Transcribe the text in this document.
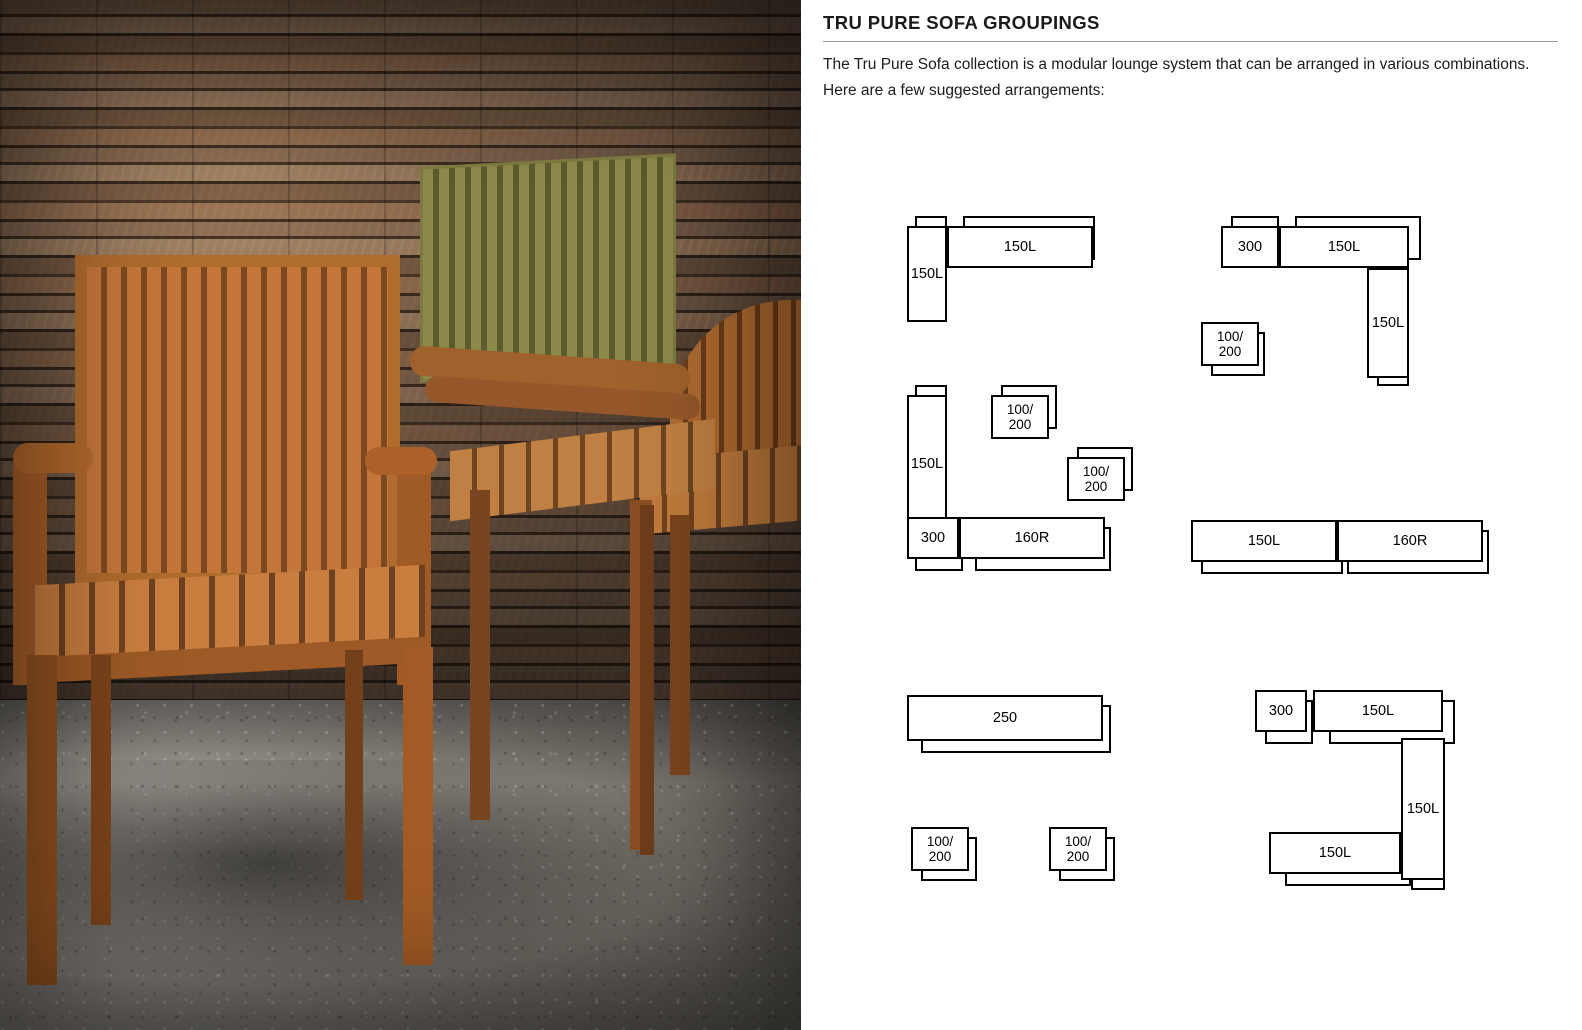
TRU PURE SOFA GROUPINGS
The Tru Pure Sofa collection is a modular lounge system that can be arranged in various combinations. Here are a few suggested arrangements:
150L
150L	300	150L
150L
100/
200
150L
100/
200
100/
200
300	160R	150L	160R
250
100/
200
100/
200
300	150L
150L
150L
